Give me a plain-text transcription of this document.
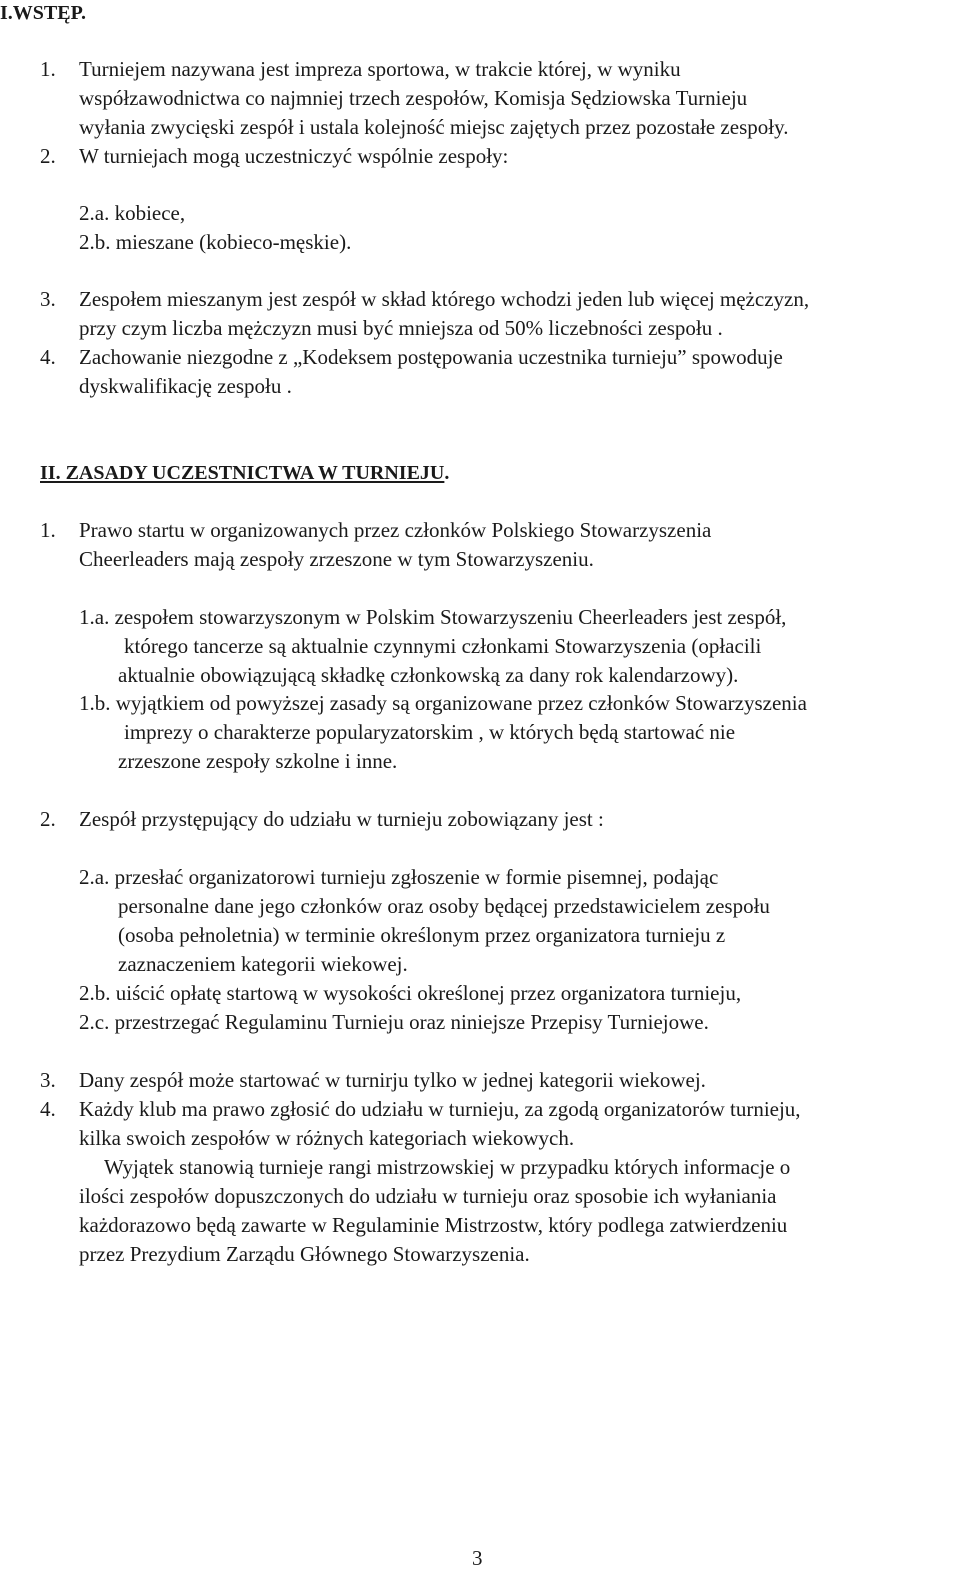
I.WSTĘP.
1. Turniejem nazywana jest impreza sportowa, w trakcie której, w wyniku
współzawodnictwa co najmniej trzech zespołów, Komisja Sędziowska Turnieju
wyłania zwycięski zespół i ustala kolejność miejsc zajętych przez pozostałe zespoły.
2. W turniejach mogą uczestniczyć wspólnie zespoły:
2.a. kobiece,
2.b. mieszane (kobieco-męskie).
3. Zespołem mieszanym jest zespół w skład którego wchodzi jeden lub więcej mężczyzn,
przy czym liczba mężczyzn musi być mniejsza od 50% liczebności zespołu .
4. Zachowanie niezgodne z „Kodeksem postępowania uczestnika turnieju” spowoduje
dyskwalifikację zespołu .
II. ZASADY UCZESTNICTWA W TURNIEJU.
1. Prawo startu w organizowanych przez członków Polskiego Stowarzyszenia
Cheerleaders mają zespoły zrzeszone w tym Stowarzyszeniu.
1.a. zespołem stowarzyszonym w Polskim Stowarzyszeniu Cheerleaders jest zespół,
którego tancerze są aktualnie czynnymi członkami Stowarzyszenia (opłacili
aktualnie obowiązującą składkę członkowską za dany rok kalendarzowy).
1.b. wyjątkiem od powyższej zasady są organizowane przez członków Stowarzyszenia
imprezy o charakterze popularyzatorskim , w których będą startować nie
zrzeszone zespoły szkolne i inne.
2. Zespół przystępujący do udziału w turnieju zobowiązany jest :
2.a. przesłać organizatorowi turnieju zgłoszenie w formie pisemnej, podając
personalne dane jego członków oraz osoby będącej przedstawicielem zespołu
(osoba pełnoletnia) w terminie określonym przez organizatora turnieju z
zaznaczeniem kategorii wiekowej.
2.b. uiścić opłatę startową w wysokości określonej przez organizatora turnieju,
2.c. przestrzegać Regulaminu Turnieju oraz niniejsze Przepisy Turniejowe.
3. Dany zespół może startować w turnirju tylko w jednej kategorii wiekowej.
4. Każdy klub ma prawo zgłosić do udziału w turnieju, za zgodą organizatorów turnieju,
kilka swoich zespołów w różnych kategoriach wiekowych.
Wyjątek stanowią turnieje rangi mistrzowskiej w przypadku których informacje o
ilości zespołów dopuszczonych do udziału w turnieju oraz sposobie ich wyłaniania
każdorazowo będą zawarte w Regulaminie Mistrzostw, który podlega zatwierdzeniu
przez Prezydium Zarządu Głównego Stowarzyszenia.
3
